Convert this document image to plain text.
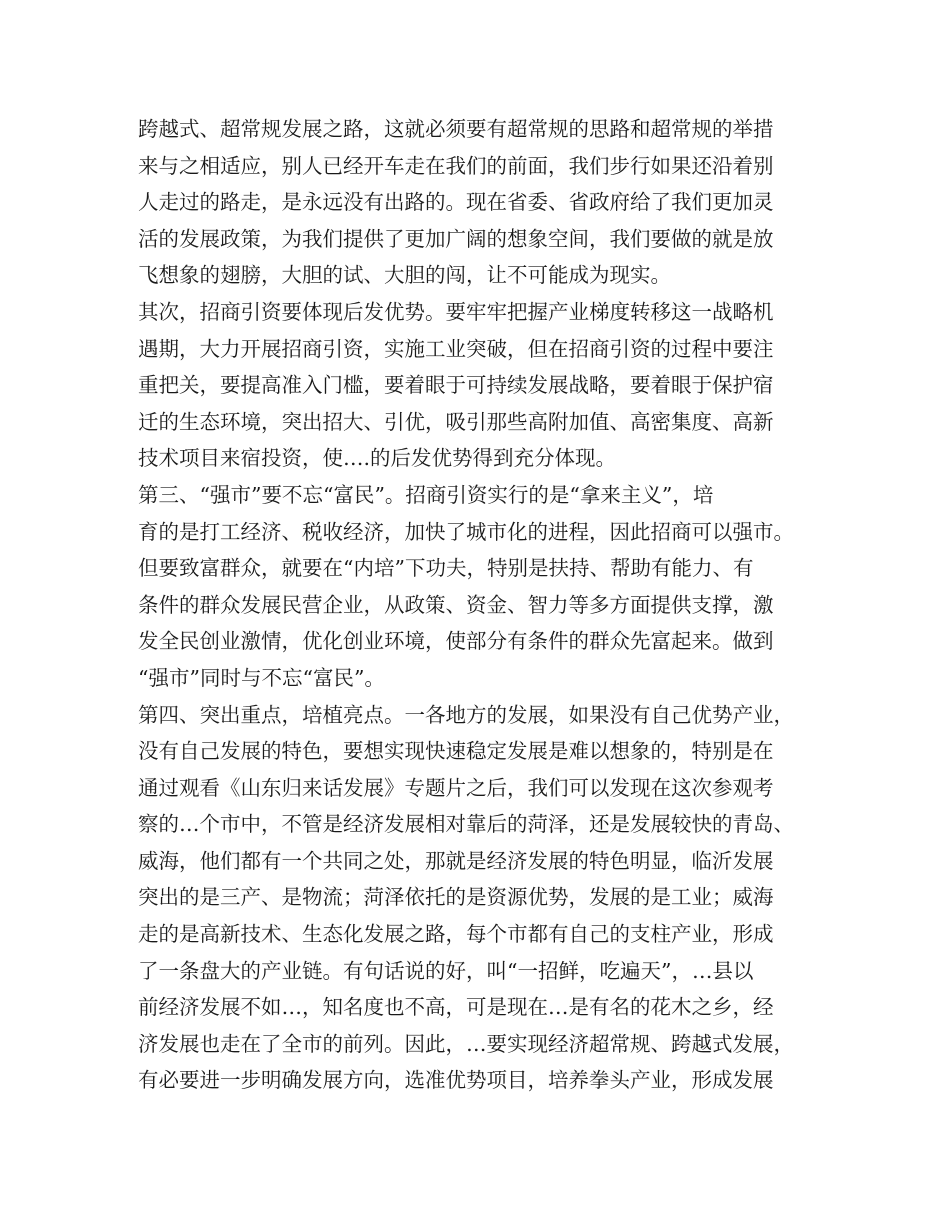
跨越式、超常规发展之路，这就必须要有超常规的思路和超常规的举措
来与之相适应，别人已经开车走在我们的前面，我们步行如果还沿着别
人走过的路走，是永远没有出路的。现在省委、省政府给了我们更加灵
活的发展政策，为我们提供了更加广阔的想象空间，我们要做的就是放
飞想象的翅膀，大胆的试、大胆的闯，让不可能成为现实。
其次，招商引资要体现后发优势。要牢牢把握产业梯度转移这一战略机
遇期，大力开展招商引资，实施工业突破，但在招商引资的过程中要注
重把关，要提高准入门槛，要着眼于可持续发展战略，要着眼于保护宿
迁的生态环境，突出招大、引优，吸引那些高附加值、高密集度、高新
技术项目来宿投资，使….的后发优势得到充分体现。
第三、“强市”要不忘“富民”。招商引资实行的是“拿来主义”，培
育的是打工经济、税收经济，加快了城市化的进程，因此招商可以强市。
但要致富群众，就要在“内培”下功夫，特别是扶持、帮助有能力、有
条件的群众发展民营企业，从政策、资金、智力等多方面提供支撑，激
发全民创业激情，优化创业环境，使部分有条件的群众先富起来。做到
“强市”同时与不忘“富民”。
第四、突出重点，培植亮点。一各地方的发展，如果没有自己优势产业，
没有自己发展的特色，要想实现快速稳定发展是难以想象的，特别是在
通过观看《山东归来话发展》专题片之后，我们可以发现在这次参观考
察的…个市中，不管是经济发展相对靠后的菏泽，还是发展较快的青岛、
威海，他们都有一个共同之处，那就是经济发展的特色明显，临沂发展
突出的是三产、是物流；菏泽依托的是资源优势，发展的是工业；威海
走的是高新技术、生态化发展之路，每个市都有自己的支柱产业，形成
了一条盘大的产业链。有句话说的好，叫“一招鲜，吃遍天”，…县以
前经济发展不如…，知名度也不高，可是现在…是有名的花木之乡，经
济发展也走在了全市的前列。因此，…要实现经济超常规、跨越式发展，
有必要进一步明确发展方向，选准优势项目，培养拳头产业，形成发展
